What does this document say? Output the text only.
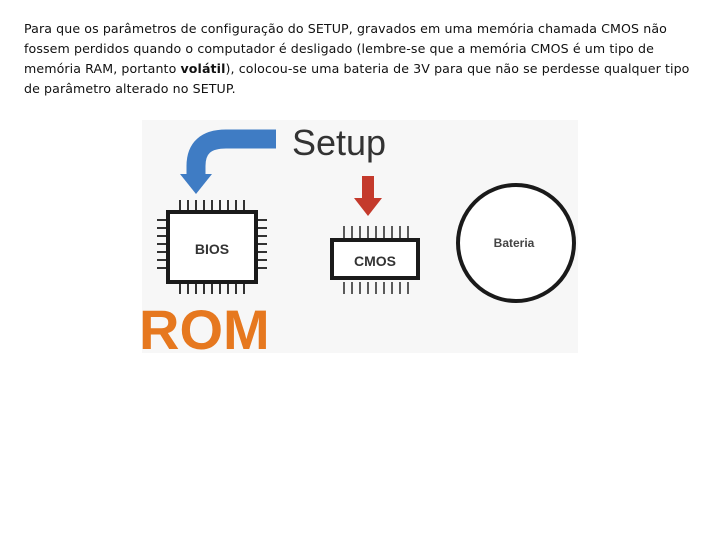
Para que os parâmetros de configuração do SETUP, gravados em uma memória chamada CMOS não fossem perdidos quando o computador é desligado (lembre-se que a memória CMOS é um tipo de memória RAM, portanto volátil), colocou-se uma bateria de 3V para que não se perdesse qualquer tipo de parâmetro alterado no SETUP.

Setup
BIOS
CMOS
Bateria
ROM
